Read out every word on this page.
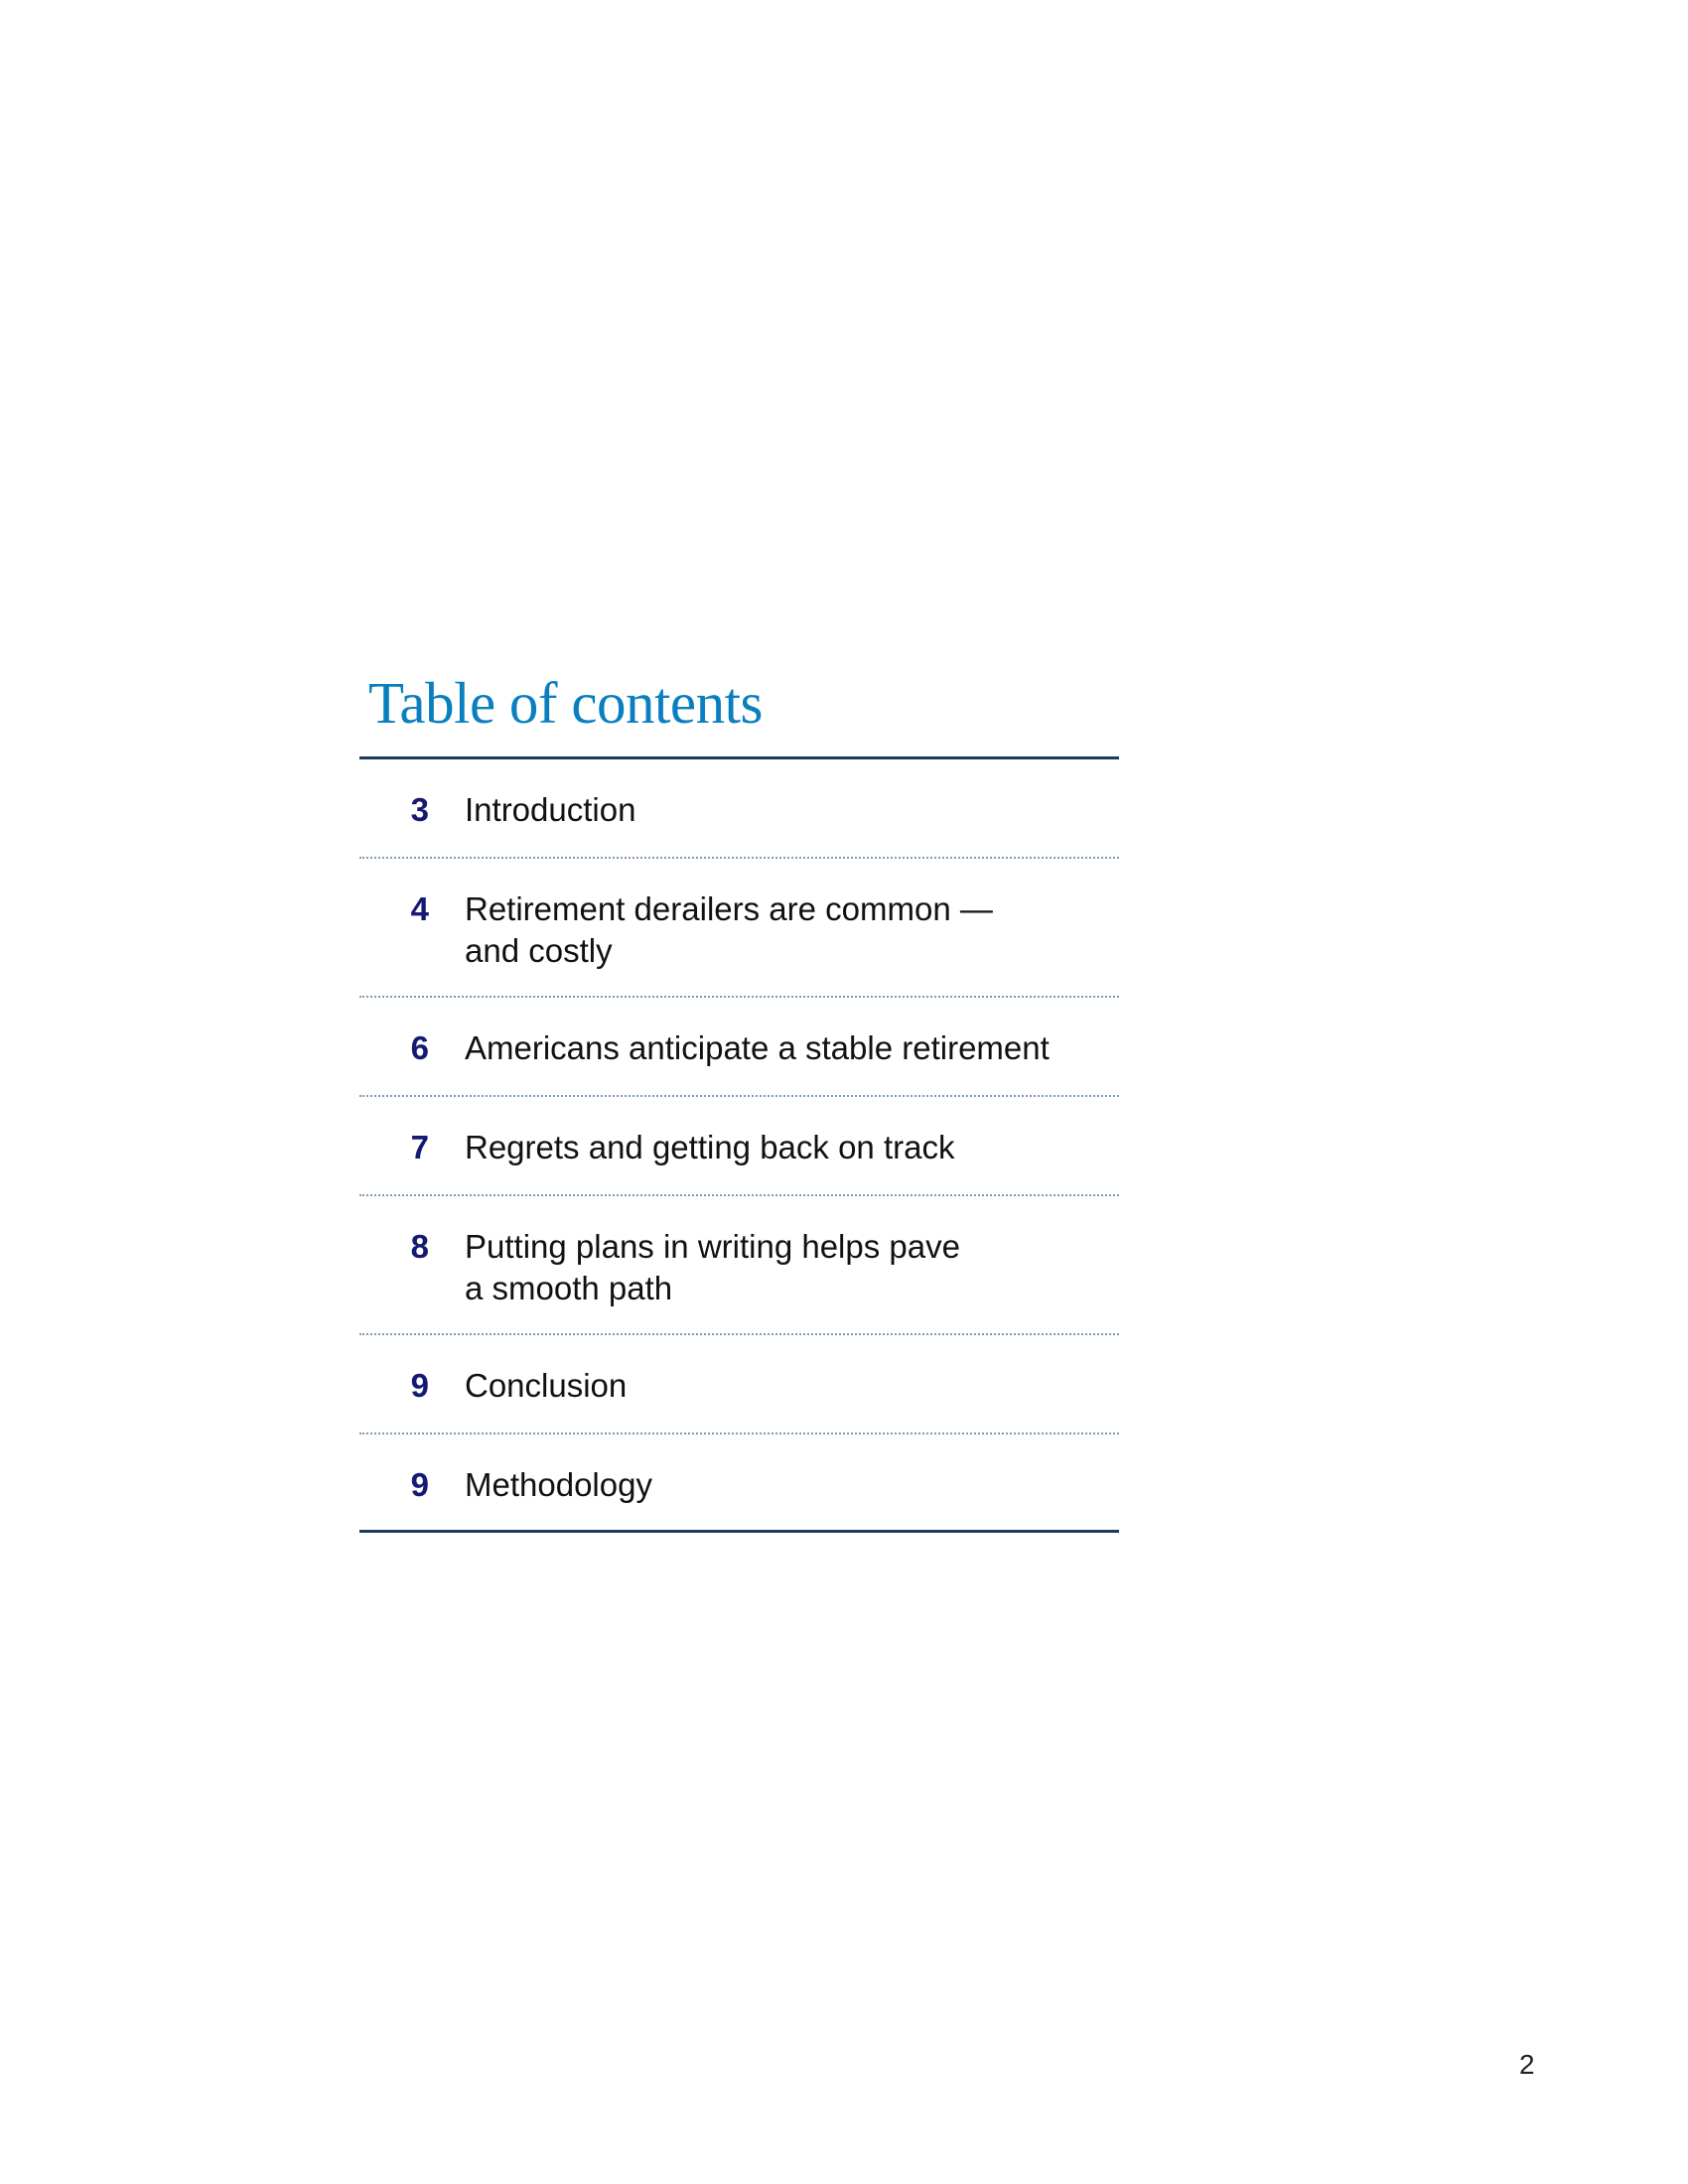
Table of contents
3 Introduction
4 Retirement derailers are common —
and costly
6 Americans anticipate a stable retirement
7 Regrets and getting back on track
8 Putting plans in writing helps pave
a smooth path
9 Conclusion
9 Methodology
2
